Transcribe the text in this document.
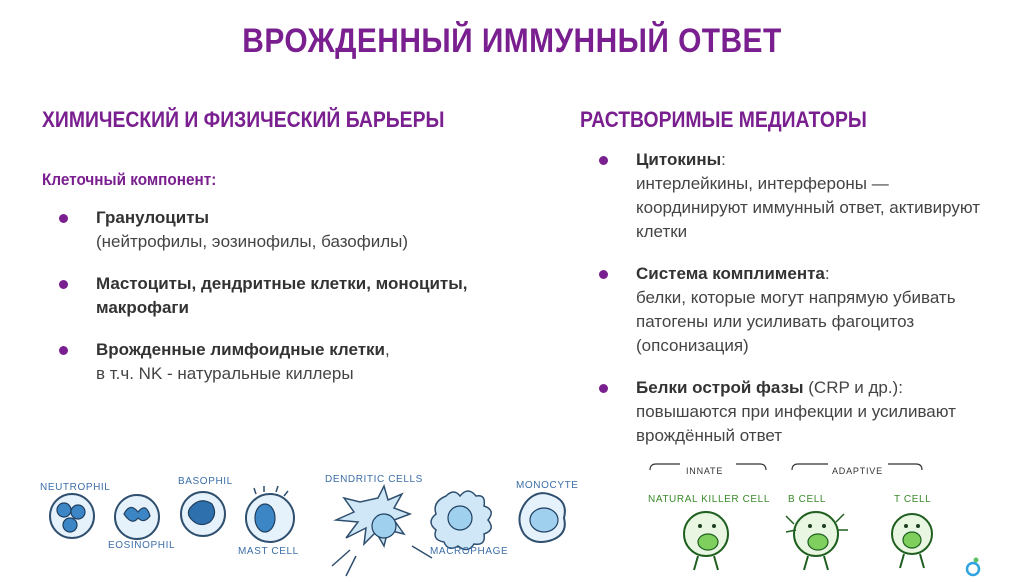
ВРОЖДЕННЫЙ ИММУННЫЙ ОТВЕТ
ХИМИЧЕСКИЙ И ФИЗИЧЕСКИЙ БАРЬЕРЫ
Клеточный компонент:
Гранулоциты
(нейтрофилы, эозинофилы, базофилы)
Мастоциты, дендритные клетки, моноциты, макрофаги
Врожденные лимфоидные клетки,
в т.ч. NK - натуральные киллеры
РАСТВОРИМЫЕ МЕДИАТОРЫ
Цитокины:
интерлейкины, интерфероны — координируют иммунный ответ, активируют клетки
Система комплимента:
белки, которые могут напрямую убивать патогены или усиливать фагоцитоз (опсонизация)
Белки острой фазы (CRP и др.):
повышаются при инфекции и усиливают врождённый ответ
NEUTROPHIL
EOSINOPHIL
BASOPHIL
MAST CELL
DENDRITIC CELLS
MACROPHAGE
MONOCYTE
INNATE	ADAPTIVE
NATURAL KILLER CELL B CELL	T CELL
